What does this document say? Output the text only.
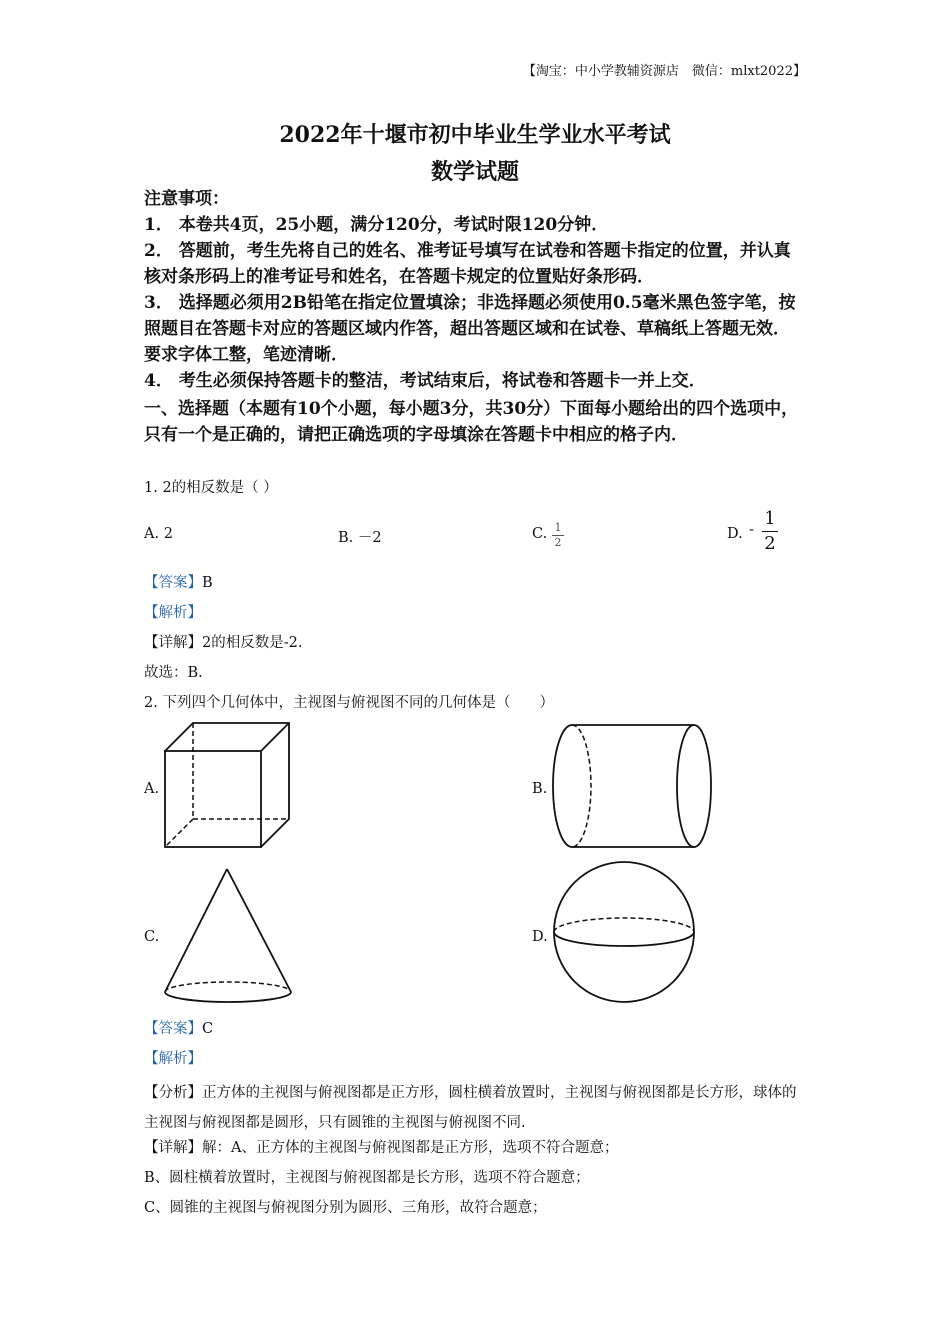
【淘宝：中小学教辅资源店　微信：mlxt2022】
2022年十堰市初中毕业生学业水平考试
数学试题
注意事项：
1． 本卷共4页，25小题，满分120分，考试时限120分钟．
2． 答题前，考生先将自己的姓名、准考证号填写在试卷和答题卡指定的位置，并认真核对条形码上的准考证号和姓名，在答题卡规定的位置贴好条形码．
3． 选择题必须用2B铅笔在指定位置填涂；非选择题必须使用0.5毫米黑色签字笔，按照题目在答题卡对应的答题区域内作答，超出答题区域和在试卷、草稿纸上答题无效．要求字体工整，笔迹清晰．
4． 考生必须保持答题卡的整洁，考试结束后，将试卷和答题卡一并上交．
一、选择题（本题有10个小题，每小题3分，共30分）下面每小题给出的四个选项中，只有一个是正确的，请把正确选项的字母填涂在答题卡中相应的格子内．
1. 2的相反数是（ ）
A. 2	B. －2	C. 1
2
D. - 1
2
【答案】B
【解析】
【详解】2的相反数是-2.
故选：B.
2. 下列四个几何体中，主视图与俯视图不同的几何体是（　　）
A.	B.
C.	D.
【答案】C
【解析】
【分析】正方体的主视图与俯视图都是正方形，圆柱横着放置时，主视图与俯视图都是长方形，球体的主视图与俯视图都是圆形，只有圆锥的主视图与俯视图不同.
【详解】解：A、正方体的主视图与俯视图都是正方形，选项不符合题意；
B、圆柱横着放置时，主视图与俯视图都是长方形，选项不符合题意；
C、圆锥的主视图与俯视图分别为圆形、三角形，故符合题意；
